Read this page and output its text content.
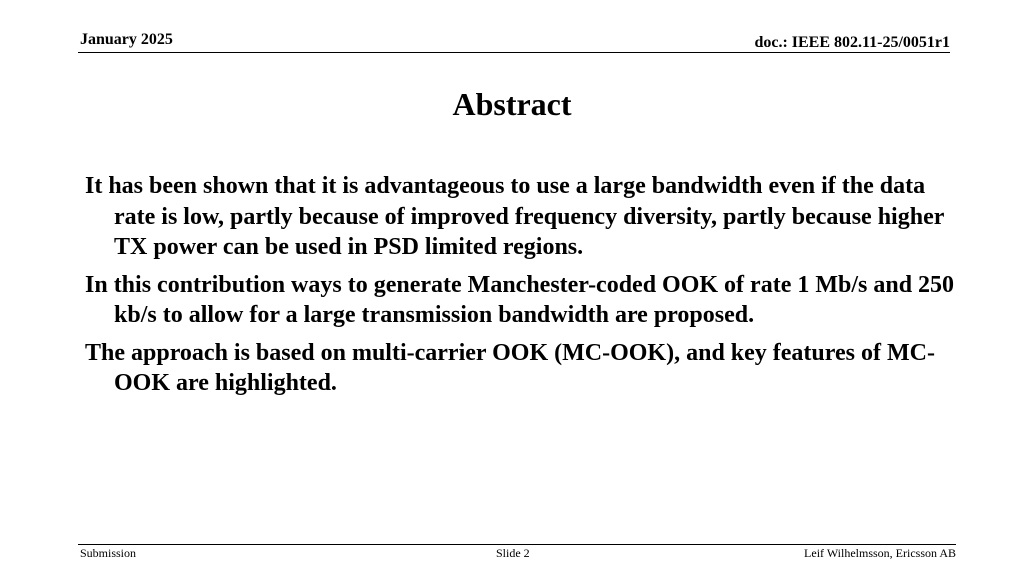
January 2025	doc.: IEEE 802.11-25/0051r1
Abstract

It has been shown that it is advantageous to use a large bandwidth even if the data rate is low, partly because of improved frequency diversity, partly because higher TX power can be used in PSD limited regions.

In this contribution ways to generate Manchester-coded OOK of rate 1 Mb/s and 250 kb/s to allow for a large transmission bandwidth are proposed.

The approach is based on multi-carrier OOK (MC-OOK), and key features of MC-OOK are highlighted.

Submission	Slide 2	Leif Wilhelmsson, Ericsson AB
